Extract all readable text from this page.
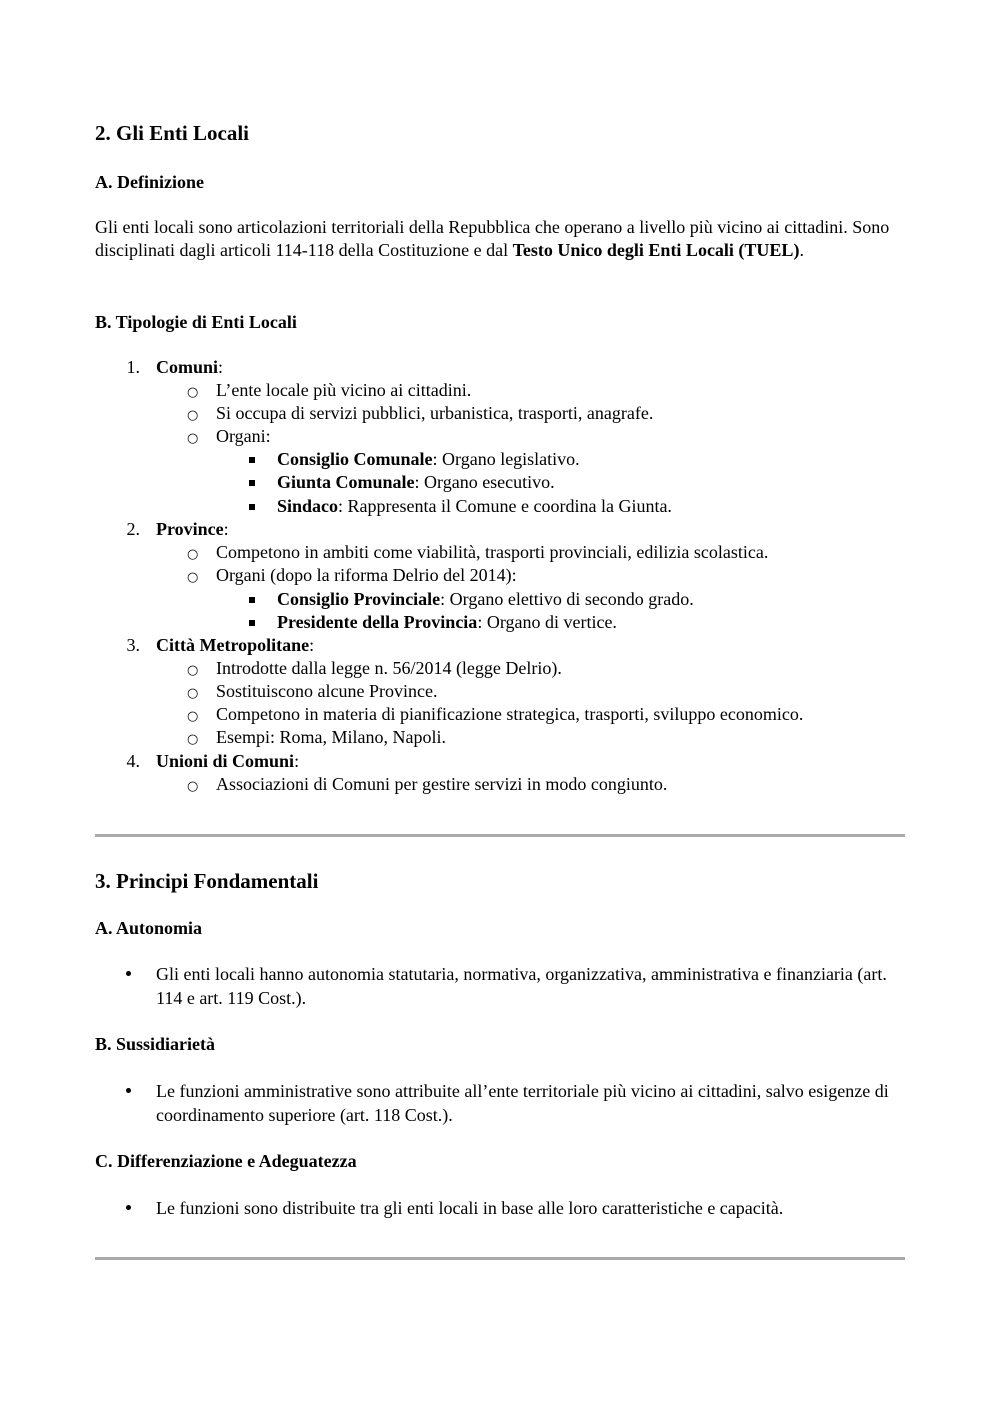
2. Gli Enti Locali
A. Definizione

Gli enti locali sono articolazioni territoriali della Repubblica che operano a livello più vicino ai cittadini. Sono disciplinati dagli articoli 114-118 della Costituzione e dal Testo Unico degli Enti Locali (TUEL).

B. Tipologie di Enti Locali
1. Comuni:
○ L’ente locale più vicino ai cittadini.
○ Si occupa di servizi pubblici, urbanistica, trasporti, anagrafe.
○ Organi:
Consiglio Comunale: Organo legislativo.
Giunta Comunale: Organo esecutivo.
Sindaco: Rappresenta il Comune e coordina la Giunta.
2. Province:
○ Competono in ambiti come viabilità, trasporti provinciali, edilizia scolastica.
○ Organi (dopo la riforma Delrio del 2014):
Consiglio Provinciale: Organo elettivo di secondo grado.
Presidente della Provincia: Organo di vertice.
3. Città Metropolitane:
○ Introdotte dalla legge n. 56/2014 (legge Delrio).
○ Sostituiscono alcune Province.
○ Competono in materia di pianificazione strategica, trasporti, sviluppo economico.
○ Esempi: Roma, Milano, Napoli.
4. Unioni di Comuni:
○ Associazioni di Comuni per gestire servizi in modo congiunto.
3. Principi Fondamentali
A. Autonomia
Gli enti locali hanno autonomia statutaria, normativa, organizzativa, amministrativa e finanziaria (art. 114 e art. 119 Cost.).
B. Sussidiarietà
Le funzioni amministrative sono attribuite all’ente territoriale più vicino ai cittadini, salvo esigenze di coordinamento superiore (art. 118 Cost.).
C. Differenziazione e Adeguatezza
Le funzioni sono distribuite tra gli enti locali in base alle loro caratteristiche e capacità.
